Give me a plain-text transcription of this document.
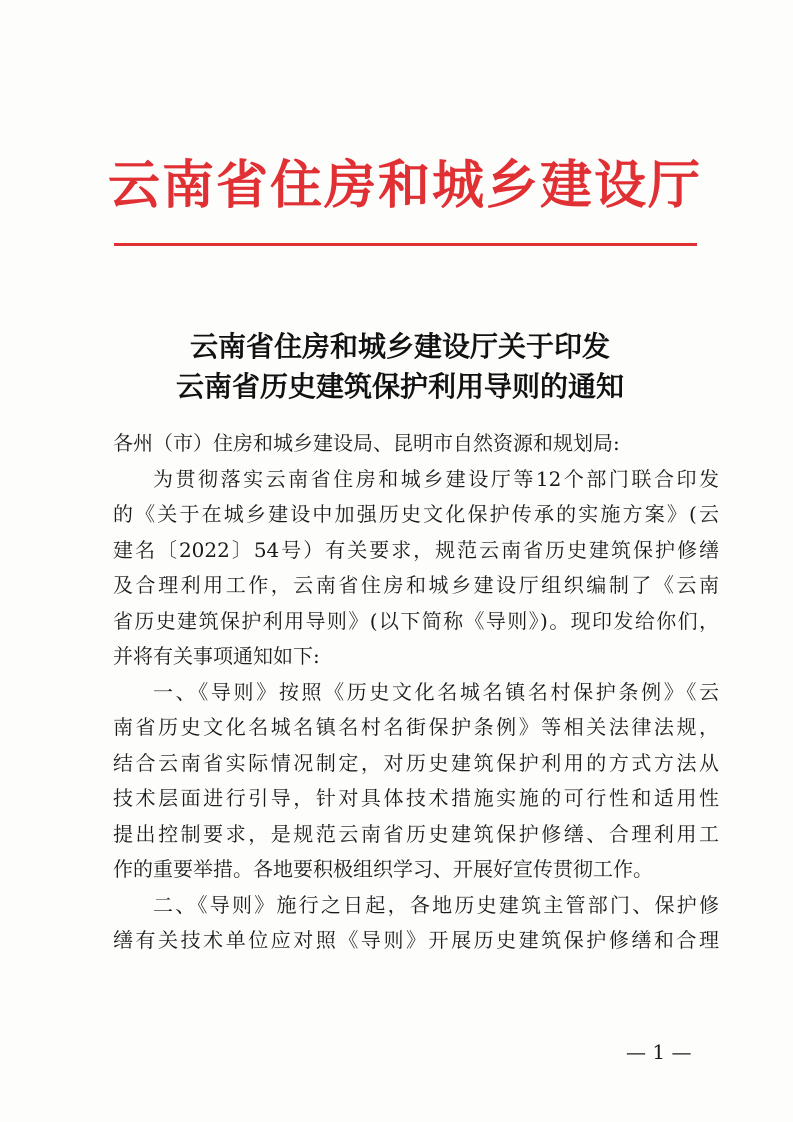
云南省住房和城乡建设厅
云南省住房和城乡建设厅关于印发
云南省历史建筑保护利用导则的通知
各州（市）住房和城乡建设局、昆明市自然资源和规划局:
为贯彻落实云南省住房和城乡建设厅等12个部门联合印发
的《关于在城乡建设中加强历史文化保护传承的实施方案》(云
建名〔2022〕54号）有关要求，规范云南省历史建筑保护修缮
及合理利用工作，云南省住房和城乡建设厅组织编制了《云南
省历史建筑保护利用导则》(以下简称《导则》)。现印发给你们，
并将有关事项通知如下:
一、《导则》按照《历史文化名城名镇名村保护条例》《云
南省历史文化名城名镇名村名街保护条例》等相关法律法规，
结合云南省实际情况制定，对历史建筑保护利用的方式方法从
技术层面进行引导，针对具体技术措施实施的可行性和适用性
提出控制要求，是规范云南省历史建筑保护修缮、合理利用工
作的重要举措。各地要积极组织学习、开展好宣传贯彻工作。
二、《导则》施行之日起，各地历史建筑主管部门、保护修
缮有关技术单位应对照《导则》开展历史建筑保护修缮和合理
— 1 —
